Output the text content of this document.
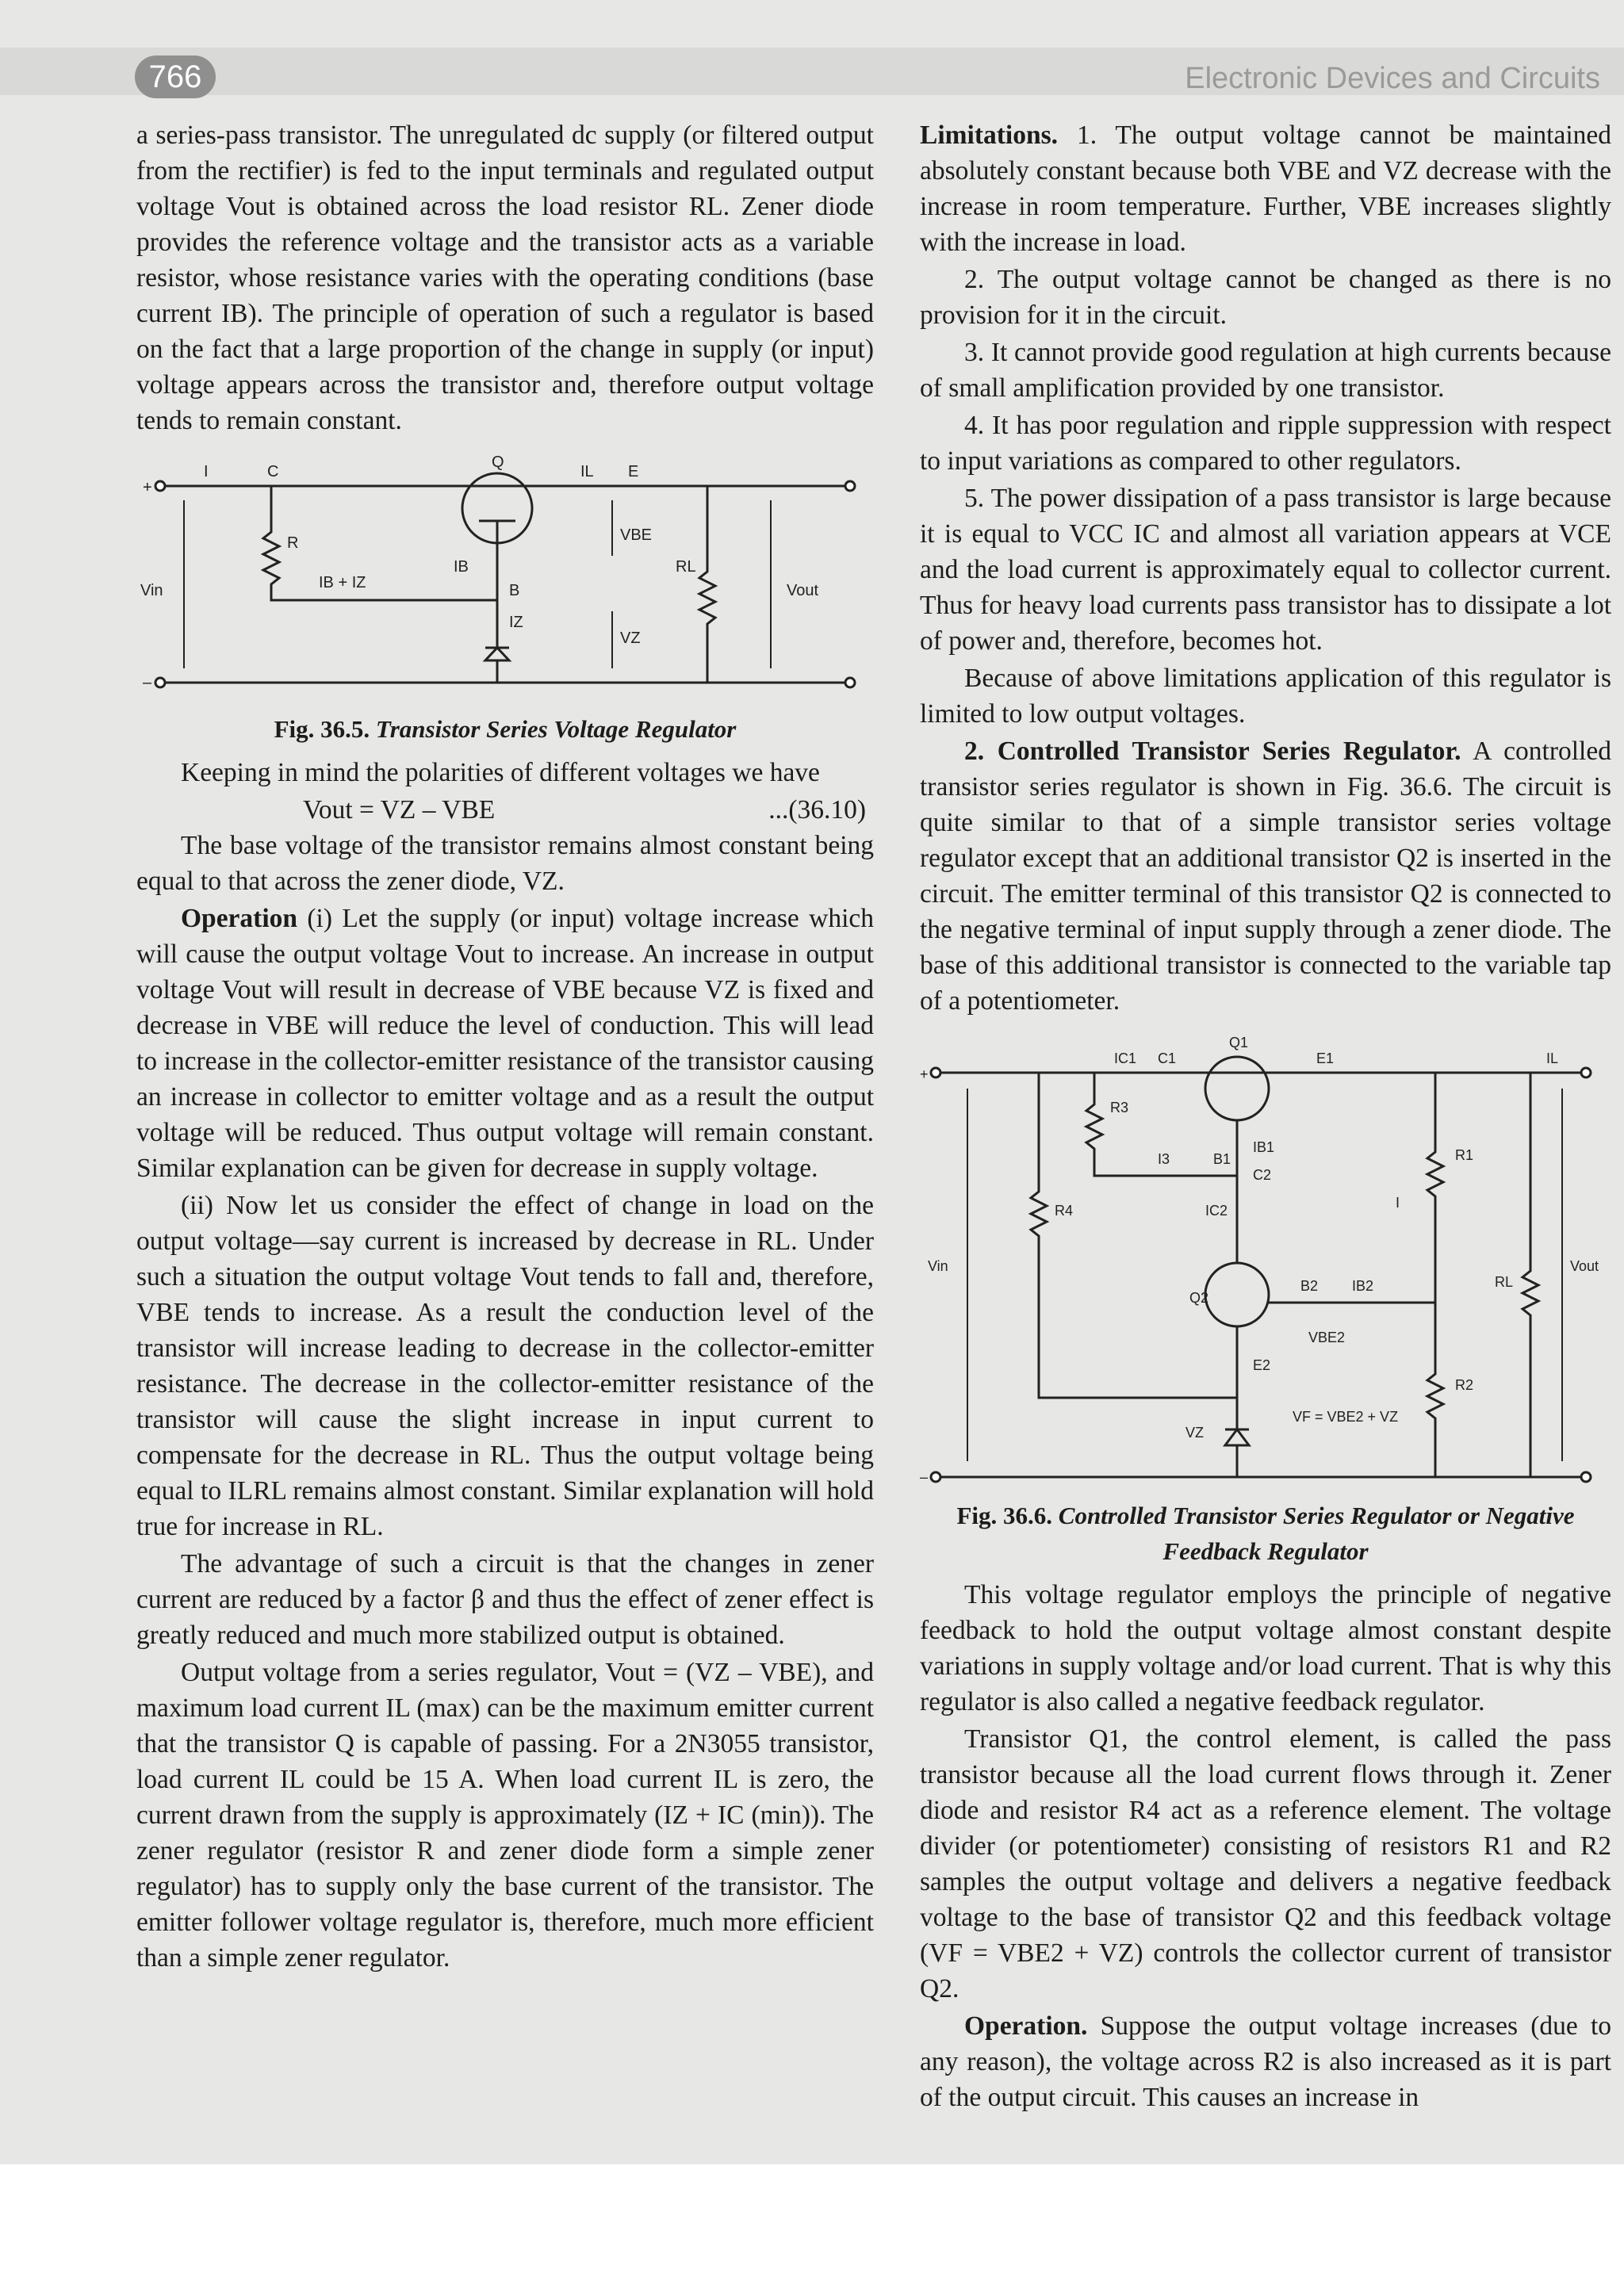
766	Electronic Devices and Circuits

a series-pass transistor. The unregulated dc supply (or filtered output from the rectifier) is fed to the input terminals and regulated output voltage Vout is obtained across the load resistor RL. Zener diode provides the reference voltage and the transistor acts as a variable resistor, whose resistance varies with the operating conditions (base current IB). The principle of operation of such a regulator is based on the fact that a large proportion of the change in supply (or input) voltage appears across the transistor and, therefore output voltage tends to remain constant.

I	C
Q
IL E
+
–
R	VBE
IB
IB + IZ	B
RL
Vin	Vout
IZ
VZ
Fig. 36.5. Transistor Series Voltage Regulator

Keeping in mind the polarities of different voltages we have

Vout = VZ – VBE	...(36.10)

The base voltage of the transistor remains almost constant being equal to that across the zener diode, VZ.

Operation (i) Let the supply (or input) voltage increase which will cause the output voltage Vout to increase. An increase in output voltage Vout will result in decrease of VBE because VZ is fixed and decrease in VBE will reduce the level of conduction. This will lead to increase in the collector-emitter resistance of the transistor causing an increase in collector to emitter voltage and as a result the output voltage will be reduced. Thus output voltage will remain constant. Similar explanation can be given for decrease in supply voltage.

(ii) Now let us consider the effect of change in load on the output voltage—say current is increased by decrease in RL. Under such a situation the output voltage Vout tends to fall and, therefore, VBE tends to increase. As a result the conduction level of the transistor will increase leading to decrease in the collector-emitter resistance. The decrease in the collector-emitter resistance of the transistor will cause the slight increase in input current to compensate for the decrease in RL. Thus the output voltage being equal to ILRL remains almost constant. Similar explanation will hold true for increase in RL.

The advantage of such a circuit is that the changes in zener current are reduced by a factor β and thus the effect of zener effect is greatly reduced and much more stabilized output is obtained.

Output voltage from a series regulator, Vout = (VZ – VBE), and maximum load current IL (max) can be the maximum emitter current that the transistor Q is capable of passing. For a 2N3055 transistor, load current IL could be 15 A. When load current IL is zero, the current drawn from the supply is approximately (IZ + IC (min)). The zener regulator (resistor R and zener diode form a simple zener regulator) has to supply only the base current of the transistor. The emitter follower voltage regulator is, therefore, much more efficient than a simple zener regulator.

Limitations. 1. The output voltage cannot be maintained absolutely constant because both VBE and VZ decrease with the increase in room temperature. Further, VBE increases slightly with the increase in load.

2. The output voltage cannot be changed as there is no provision for it in the circuit.

3. It cannot provide good regulation at high currents because of small amplification provided by one transistor.

4. It has poor regulation and ripple suppression with respect to input variations as compared to other regulators.

5. The power dissipation of a pass transistor is large because it is equal to VCC IC and almost all variation appears at VCE and the load current is approximately equal to collector current. Thus for heavy load currents pass transistor has to dissipate a lot of power and, therefore, becomes hot.

Because of above limitations application of this regulator is limited to low output voltages.

2. Controlled Transistor Series Regulator. A controlled transistor series regulator is shown in Fig. 36.6. The circuit is quite similar to that of a simple transistor series voltage regulator except that an additional transistor Q2 is inserted in the circuit. The emitter terminal of this transistor Q2 is connected to the negative terminal of input supply through a zener diode. The base of this additional transistor is connected to the variable tap of a potentiometer.

Q1
IC1 C1	E1	IL
+
–
R3
IB1
B1
C2
I3
IC2
R4
Q2
Vin
B2 IB2
I
R1
RL
Vout
VBE2
E2
R2
VZ
VF = VBE2 + VZ
Fig. 36.6. Controlled Transistor Series Regulator or Negative Feedback Regulator

This voltage regulator employs the principle of negative feedback to hold the output voltage almost constant despite variations in supply voltage and/or load current. That is why this regulator is also called a negative feedback regulator.

Transistor Q1, the control element, is called the pass transistor because all the load current flows through it. Zener diode and resistor R4 act as a reference element. The voltage divider (or potentiometer) consisting of resistors R1 and R2 samples the output voltage and delivers a negative feedback voltage to the base of transistor Q2 and this feedback voltage (VF = VBE2 + VZ) controls the collector current of transistor Q2.

Operation. Suppose the output voltage increases (due to any reason), the voltage across R2 is also increased as it is part of the output circuit. This causes an increase in
